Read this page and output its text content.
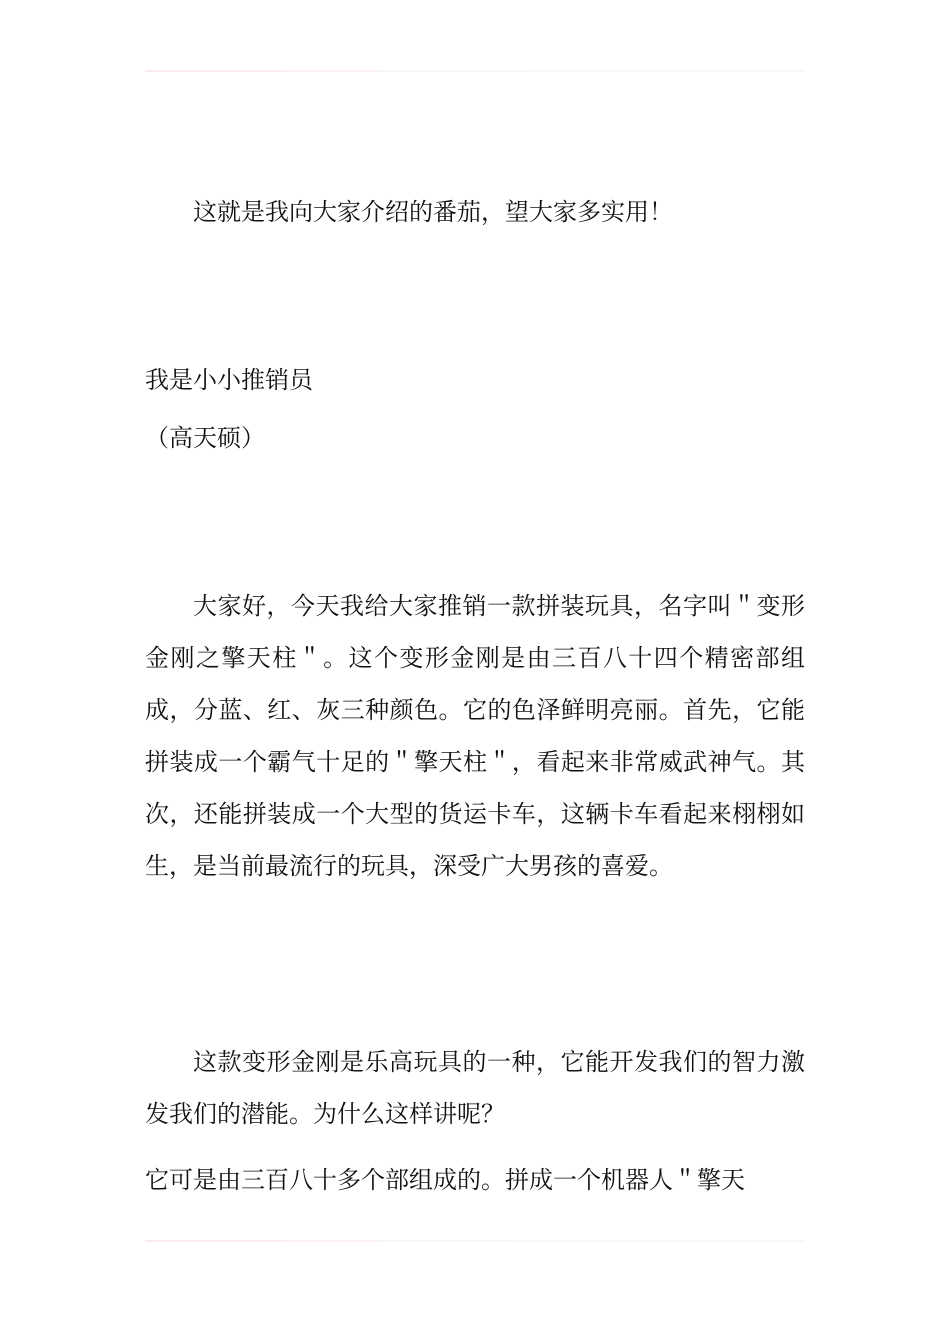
这就是我向大家介绍的番茄，望大家多实用！
我是小小推销员
（高天硕）
大家好，今天我给大家推销一款拼装玩具，名字叫＂变形金刚之擎天柱＂。这个变形金刚是由三百八十四个精密部组成，分蓝、红、灰三种颜色。它的色泽鲜明亮丽。首先，它能拼装成一个霸气十足的＂擎天柱＂，看起来非常威武神气。其次，还能拼装成一个大型的货运卡车，这辆卡车看起来栩栩如生，是当前最流行的玩具，深受广大男孩的喜爱。
这款变形金刚是乐高玩具的一种，它能开发我们的智力激发我们的潜能。为什么这样讲呢？
它可是由三百八十多个部组成的。拼成一个机器人＂擎天
